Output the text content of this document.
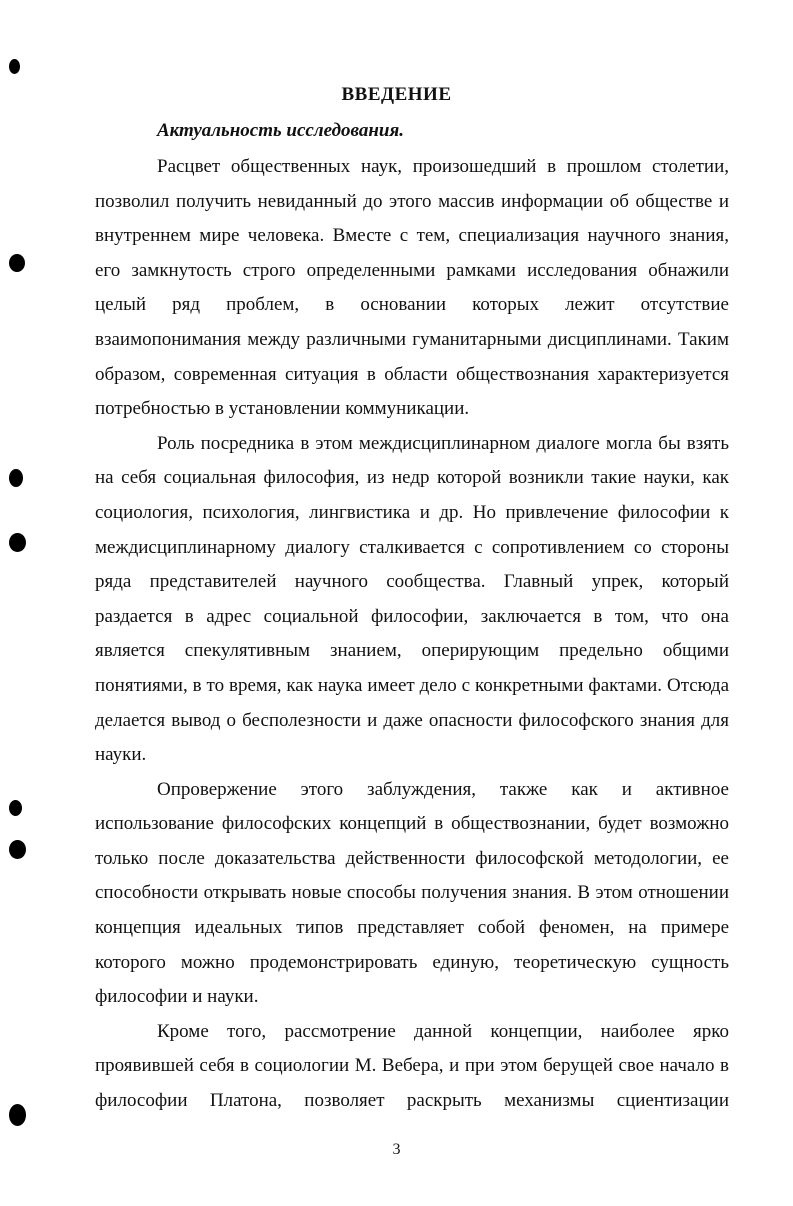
ВВЕДЕНИЕ
Актуальность исследования.

Расцвет общественных наук, произошедший в прошлом столетии, позволил получить невиданный до этого массив информации об обществе и внутреннем мире человека. Вместе с тем, специализация научного знания, его замкнутость строго определенными рамками исследования обнажили целый ряд проблем, в основании которых лежит отсутствие взаимопонимания между различными гуманитарными дисциплинами. Таким образом, современная ситуация в области обществознания характеризуется потребностью в установлении коммуникации.

Роль посредника в этом междисциплинарном диалоге могла бы взять на себя социальная философия, из недр которой возникли такие науки, как социология, психология, лингвистика и др. Но привлечение философии к междисциплинарному диалогу сталкивается с сопротивлением со стороны ряда представителей научного сообщества. Главный упрек, который раздается в адрес социальной философии, заключается в том, что она является спекулятивным знанием, оперирующим предельно общими понятиями, в то время, как наука имеет дело с конкретными фактами. Отсюда делается вывод о бесполезности и даже опасности философского знания для науки.

Опровержение этого заблуждения, также как и активное использование философских концепций в обществознании, будет возможно только после доказательства действенности философской методологии, ее способности открывать новые способы получения знания. В этом отношении концепция идеальных типов представляет собой феномен, на примере которого можно продемонстрировать единую, теоретическую сущность философии и науки.

Кроме того, рассмотрение данной концепции, наиболее ярко проявившей себя в социологии М. Вебера, и при этом берущей свое начало в философии Платона, позволяет раскрыть механизмы сциентизации

3
